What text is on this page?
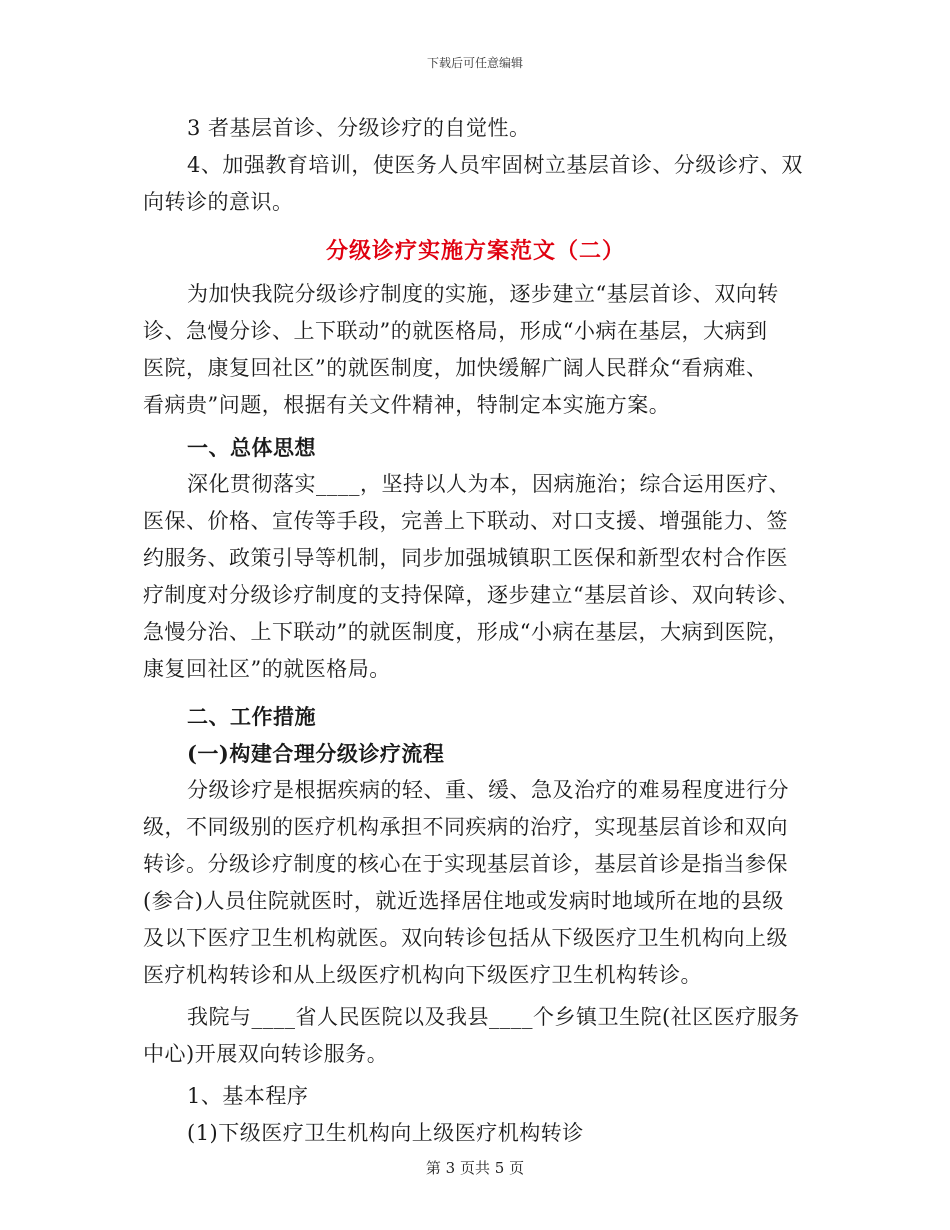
下载后可任意编辑
3 者基层首诊、分级诊疗的自觉性。
4、加强教育培训，使医务人员牢固树立基层首诊、分级诊疗、双
向转诊的意识。
分级诊疗实施方案范文（二）
为加快我院分级诊疗制度的实施，逐步建立“基层首诊、双向转
诊、急慢分诊、上下联动”的就医格局，形成“小病在基层，大病到
医院，康复回社区”的就医制度，加快缓解广阔人民群众“看病难、
看病贵”问题，根据有关文件精神，特制定本实施方案。
一、总体思想
深化贯彻落实____，坚持以人为本，因病施治；综合运用医疗、
医保、价格、宣传等手段，完善上下联动、对口支援、增强能力、签
约服务、政策引导等机制，同步加强城镇职工医保和新型农村合作医
疗制度对分级诊疗制度的支持保障，逐步建立“基层首诊、双向转诊、
急慢分治、上下联动”的就医制度，形成“小病在基层，大病到医院，
康复回社区”的就医格局。
二、工作措施
(一)构建合理分级诊疗流程
分级诊疗是根据疾病的轻、重、缓、急及治疗的难易程度进行分
级，不同级别的医疗机构承担不同疾病的治疗，实现基层首诊和双向
转诊。分级诊疗制度的核心在于实现基层首诊，基层首诊是指当参保
(参合)人员住院就医时，就近选择居住地或发病时地域所在地的县级
及以下医疗卫生机构就医。双向转诊包括从下级医疗卫生机构向上级
医疗机构转诊和从上级医疗机构向下级医疗卫生机构转诊。
我院与____省人民医院以及我县____个乡镇卫生院(社区医疗服务
中心)开展双向转诊服务。
1、基本程序
(1)下级医疗卫生机构向上级医疗机构转诊
第 3 页共 5 页
